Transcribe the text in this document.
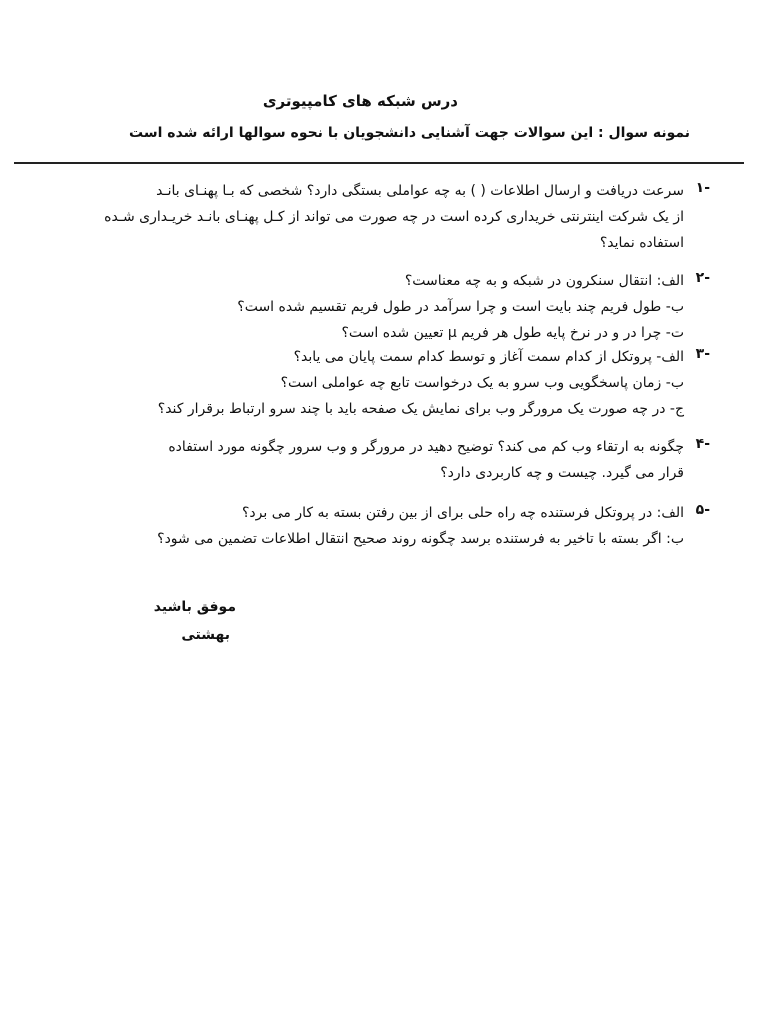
درس شبکه های کامپیوتری
نمونه سوال : این سوالات جهت آشنایی دانشجویان با نحوه سوالها ارائه شده است
-۱
سرعت دریافت و ارسال اطلاعات ( ) به چه عواملی بستگی دارد؟ شخصی که بـا پهنـای بانـد
از یک شرکت اینترنتی خریداری کرده است در چه صورت می تواند از کـل پهنـای بانـد خریـداری شـده
استفاده نماید؟
-۲
الف: انتقال سنکرون در شبکه و به چه معناست؟
ب- طول فریم چند بایت است و چرا سرآمد در طول فریم تقسیم شده است؟
ت- چرا در و در نرخ پایه طول هر فریم μ تعیین شده است؟
-۳
الف- پروتکل از کدام سمت آغاز و توسط کدام سمت پایان می یابد؟
ب- زمان پاسخگویی وب سرو به یک درخواست تابع چه عواملی است؟
ج- در چه صورت یک مرورگر وب برای نمایش یک صفحه باید با چند سرو ارتباط برقرار کند؟
-۴
چگونه به ارتقاء وب کم می کند؟ توضیح دهید در مرورگر و وب سرور چگونه مورد استفاده
قرار می گیرد. چیست و چه کاربردی دارد؟
-۵
الف: در پروتکل فرستنده چه راه حلی برای از بین رفتن بسته به کار می برد؟
ب: اگر بسته با تاخیر به فرستنده برسد چگونه روند صحیح انتقال اطلاعات تضمین می شود؟
موفق باشید
بهشتی
